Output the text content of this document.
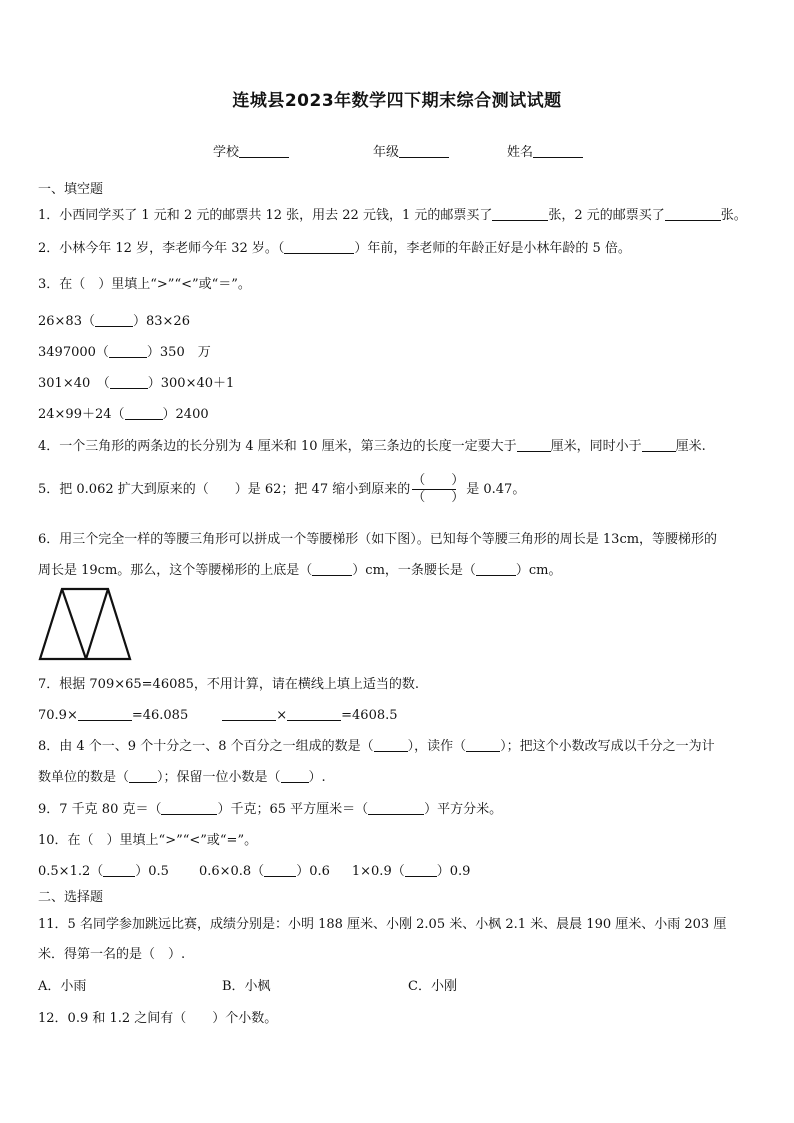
连城县2023年数学四下期末综合测试试题
学校	年级	姓名
一、填空题
1．小西同学买了 1 元和 2 元的邮票共 12 张，用去 22 元钱，1 元的邮票买了	张，2 元的邮票买了	张。
2．小林今年 12 岁，李老师今年 32 岁。（	）年前，李老师的年龄正好是小林年龄的 5 倍。
3．在（　）里填上“>”“<”或“＝”。
26×83（	）83×26
3497000（	）350　万
301×40　（	）300×40＋1
24×99＋24（	）2400
4．一个三角形的两条边的长分别为 4 厘米和 10 厘米，第三条边的长度一定要大于	厘米，同时小于	厘米.
5．把 0.062 扩大到原来的（　　）是 62；把 47 缩小到原来的 $\frac{( )}{( )}$ 是 0.47。
6．用三个完全一样的等腰三角形可以拼成一个等腰梯形（如下图）。已知每个等腰三角形的周长是 13cm，等腰梯形的
周长是 19cm。那么，这个等腰梯形的上底是（	）cm，一条腰长是（	）cm。
7．根据 709×65=46085，不用计算，请在横线上填上适当的数.
70.9×	=46.085	×	=4608.5
8．由 4 个一、9 个十分之一、8 个百分之一组成的数是（	），读作（	）；把这个小数改写成以千分之一为计
数单位的数是（ ）；保留一位小数是（ ）.
9．7 千克 80 克＝（	）千克；65 平方厘米＝（	）平方分米。
10．在（　）里填上“>”“<”或“=”。
0.5×1.2（ ）0.5 0.6×0.8（ ）0.6 1×0.9（ ）0.9
二、选择题
11．5 名同学参加跳远比赛，成绩分别是：小明 188 厘米、小刚 2.05 米、小枫 2.1 米、晨晨 190 厘米、小雨 203 厘
米．得第一名的是（　）.
A．小雨	B．小枫	C．小刚
12．0.9 和 1.2 之间有（　　）个小数。
